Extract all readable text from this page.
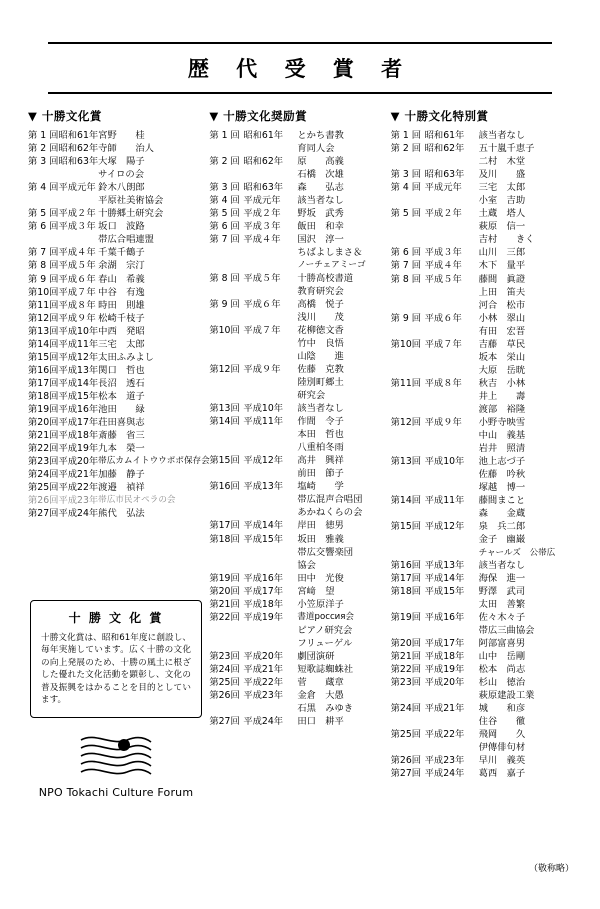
歴 代 受 賞 者
▼ 十勝文化賞
第 1 回	昭和61年	宮野　　桂
第 2 回	昭和62年	寺師　　治人
第 3 回	昭和63年	大塚　陽子
		サイロの会
第 4 回	平成元年	鈴木八朗郎
		平原社美術協会
第 5 回	平成２年	十勝郷土研究会
第 6 回	平成３年	坂口　波路
		帯広合唱連盟
第 7 回	平成４年	千葉千鶴子
第 8 回	平成５年	余湖　宗汀
第 9 回	平成６年	春山　希義
第10回	平成７年	中谷　有逸
第11回	平成８年	時田　則雄
第12回	平成９年	松崎千枝子
第13回	平成10年	中西　発昭
第14回	平成11年	三宅　太郎
第15回	平成12年	太田ふみよし
第16回	平成13年	関口　哲也
第17回	平成14年	長沼　透石
第18回	平成15年	松本　道子
第19回	平成16年	池田　　緑
第20回	平成17年	荘田喜與志
第21回	平成18年	斎藤　省三
第22回	平成19年	九本　榮一
第23回	平成20年	帯広カムイトウウポポ保存会
第24回	平成21年	加藤　静子
第25回	平成22年	渡邉　禎祥
第26回	平成23年	帯広市民オペラの会
第27回	平成24年	熊代　弘法
▼ 十勝文化奨励賞
第 1 回	昭和61年	とかち書教
		育同人会
第 2 回	昭和62年	原　　高義
		石橋　次雄
第 3 回	昭和63年	森　　弘志
第 4 回	平成元年	該当者なし
第 5 回	平成２年	野坂　武秀
第 6 回	平成３年	飯田　和幸
第 7 回	平成４年	国沢　淳一
		ちばよしまさ＆
		ノーチェアミーゴ
第 8 回	平成５年	十勝高校書道
		教育研究会
第 9 回	平成６年	高橋　悦子
		浅川　　茂
第10回	平成７年	花柳徳文香
		竹中　良悟
		山陰　　進
第12回	平成９年	佐藤　克教
		陸別町郷土
		研究会
第13回	平成10年	該当者なし
第14回	平成11年	作間　令子
		本田　哲也
		八重柏冬雨
第15回	平成12年	高井　興祥
		前田　節子
第16回	平成13年	塩崎　　学
		帯広混声合唱団
		あかねくらの会
第17回	平成14年	岸田　徳男
第18回	平成15年	坂田　雅義
		帯広交響楽団
		協会
第19回	平成16年	田中　光俊
第20回	平成17年	宮﨑　望
第21回	平成18年	小笠原洋子
第22回	平成19年	書道россия会
		ピアノ研究会
		フリューゲル
第23回	平成20年	劇団演研
第24回	平成21年	短歌誌蜘蛛社
第25回	平成22年	菅　　蔵章
第26回	平成23年	金倉　大愚
		石黒　みゆき
第27回	平成24年	田口　耕平
▼ 十勝文化特別賞
第 1 回	昭和61年	該当者なし
第 2 回	昭和62年	五十嵐千恵子
		二村　木堂
第 3 回	昭和63年	及川　　盛
第 4 回	平成元年	三宅　太郎
		小室　吉助
第 5 回	平成２年	土蔵　塔人
		萩原　信一
		吉村　　きく
第 6 回	平成３年	山川　三郎
第 7 回	平成４年	木下　量平
第 8 回	平成５年	藤間　眞證
		上田　笛夫
		河合　松市
第 9 回	平成６年	小林　翠山
		有田　宏晋
第10回	平成７年	吉藤　草民
		坂本　栄山
		大原　岳晄
第11回	平成８年	秋吉　小林
		井上　　壽
		渡部　裕隆
第12回	平成９年	小野寺映雪
		中山　義基
		岩井　照清
第13回	平成10年	池上志づ子
		佐藤　吟秋
		塚越　博一
第14回	平成11年	藤間まこと
		森　　金蔵
第15回	平成12年	泉　兵二郎
		金子　幽巌
		チャールズ　公帯広
第16回	平成13年	該当者なし
第17回	平成14年	海保　進一
第18回	平成15年	野澤　武司
		太田　善繁
第19回	平成16年	佐々木々子
		帯広三曲協会
第20回	平成17年	阿部富喜男
第21回	平成18年	山中　岳剛
第22回	平成19年	松本　尚志
第23回	平成20年	杉山　徳治
		萩原建設工業
第24回	平成21年	城　　和彦
		住谷　　徹
第25回	平成22年	飛岡　　久
		伊傳俳句材
第26回	平成23年	早川　義英
第27回	平成24年	葛西　嘉子
十 勝 文 化 賞
十勝文化賞は、昭和61年度に創設し、毎年実施しています。広く十勝の文化の向上発展のため、十勝の風土に根ざした優れた文化活動を顕彰し、文化の普及振興をはかることを目的としています。
NPO Tokachi Culture Forum
（敬称略）
